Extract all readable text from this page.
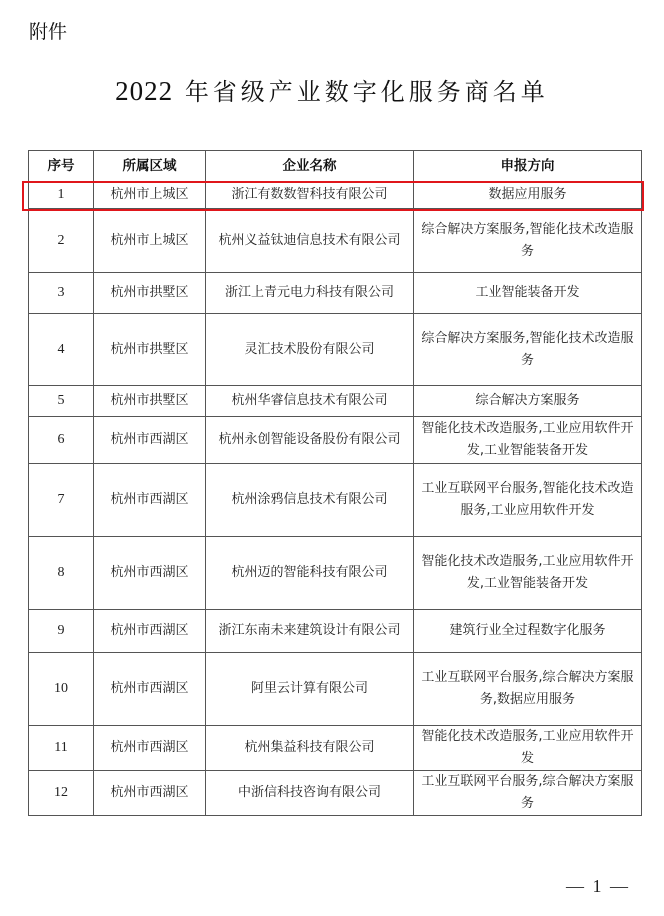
附件
2022 年省级产业数字化服务商名单
序号	所属区域	企业名称	申报方向
1	杭州市上城区	浙江有数数智科技有限公司	数据应用服务
2	杭州市上城区	杭州义益钛迪信息技术有限公司	综合解决方案服务,智能化技术改造服务
3	杭州市拱墅区	浙江上青元电力科技有限公司	工业智能装备开发
4	杭州市拱墅区	灵汇技术股份有限公司	综合解决方案服务,智能化技术改造服务
5	杭州市拱墅区	杭州华睿信息技术有限公司	综合解决方案服务
6	杭州市西湖区	杭州永创智能设备股份有限公司	智能化技术改造服务,工业应用软件开发,工业智能装备开发
7	杭州市西湖区	杭州涂鸦信息技术有限公司	工业互联网平台服务,智能化技术改造服务,工业应用软件开发
8	杭州市西湖区	杭州迈的智能科技有限公司	智能化技术改造服务,工业应用软件开发,工业智能装备开发
9	杭州市西湖区	浙江东南未来建筑设计有限公司	建筑行业全过程数字化服务
10	杭州市西湖区	阿里云计算有限公司	工业互联网平台服务,综合解决方案服务,数据应用服务
11	杭州市西湖区	杭州集益科技有限公司	智能化技术改造服务,工业应用软件开发
12	杭州市西湖区	中浙信科技咨询有限公司	工业互联网平台服务,综合解决方案服务
— 1 —
